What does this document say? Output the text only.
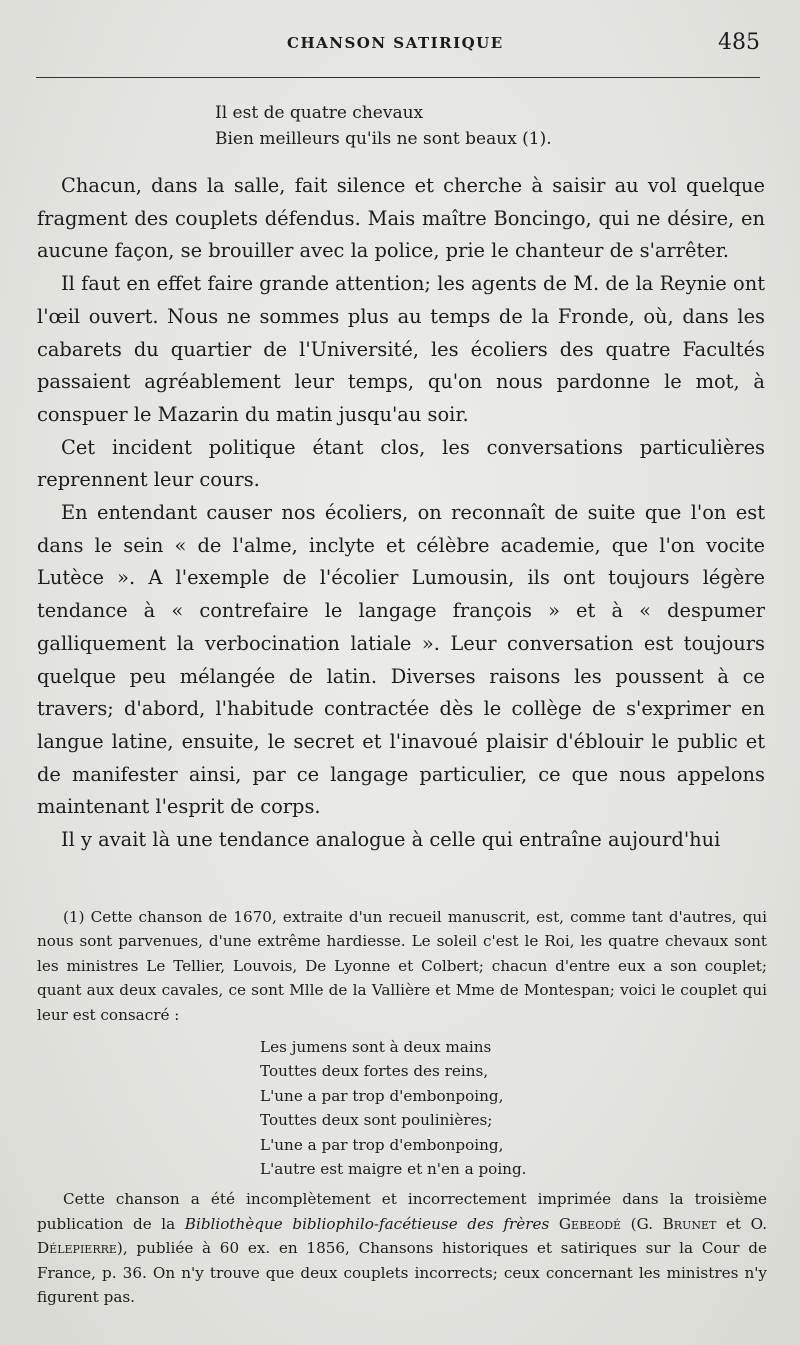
CHANSON SATIRIQUE	485
Il est de quatre chevaux
Bien meilleurs qu'ils ne sont beaux (1).

Chacun, dans la salle, fait silence et cherche à saisir au vol quelque fragment des couplets défendus. Mais maître Boncingo, qui ne désire, en aucune façon, se brouiller avec la police, prie le chanteur de s'arrêter.

Il faut en effet faire grande attention; les agents de M. de la Reynie ont l'œil ouvert. Nous ne sommes plus au temps de la Fronde, où, dans les cabarets du quartier de l'Université, les écoliers des quatre Facultés passaient agréablement leur temps, qu'on nous pardonne le mot, à conspuer le Mazarin du matin jusqu'au soir.

Cet incident politique étant clos, les conversations particulières reprennent leur cours.

En entendant causer nos écoliers, on reconnaît de suite que l'on est dans le sein « de l'alme, inclyte et célèbre academie, que l'on vocite Lutèce ». A l'exemple de l'écolier Lumousin, ils ont toujours légère tendance à « contrefaire le langage françois » et à « despumer galliquement la verbocination latiale ». Leur conversation est toujours quelque peu mélangée de latin. Diverses raisons les poussent à ce travers; d'abord, l'habitude contractée dès le collège de s'exprimer en langue latine, ensuite, le secret et l'inavoué plaisir d'éblouir le public et de manifester ainsi, par ce langage particulier, ce que nous appelons maintenant l'esprit de corps.

Il y avait là une tendance analogue à celle qui entraîne aujourd'hui

(1) Cette chanson de 1670, extraite d'un recueil manuscrit, est, comme tant d'autres, qui nous sont parvenues, d'une extrême hardiesse. Le soleil c'est le Roi, les quatre chevaux sont les ministres Le Tellier, Louvois, De Lyonne et Colbert; chacun d'entre eux a son couplet; quant aux deux cavales, ce sont Mlle de la Vallière et Mme de Montespan; voici le couplet qui leur est consacré :

Les jumens sont à deux mains
Touttes deux fortes des reins,
L'une a par trop d'embonpoing,
Touttes deux sont poulinières;
L'une a par trop d'embonpoing,
L'autre est maigre et n'en a poing.

Cette chanson a été incomplètement et incorrectement imprimée dans la troisième publication de la Bibliothèque bibliophilo-facétieuse des frères Gebeodé (G. Brunet et O. Délepierre), publiée à 60 ex. en 1856, Chansons historiques et satiriques sur la Cour de France, p. 36. On n'y trouve que deux couplets incorrects; ceux concernant les ministres n'y figurent pas.
